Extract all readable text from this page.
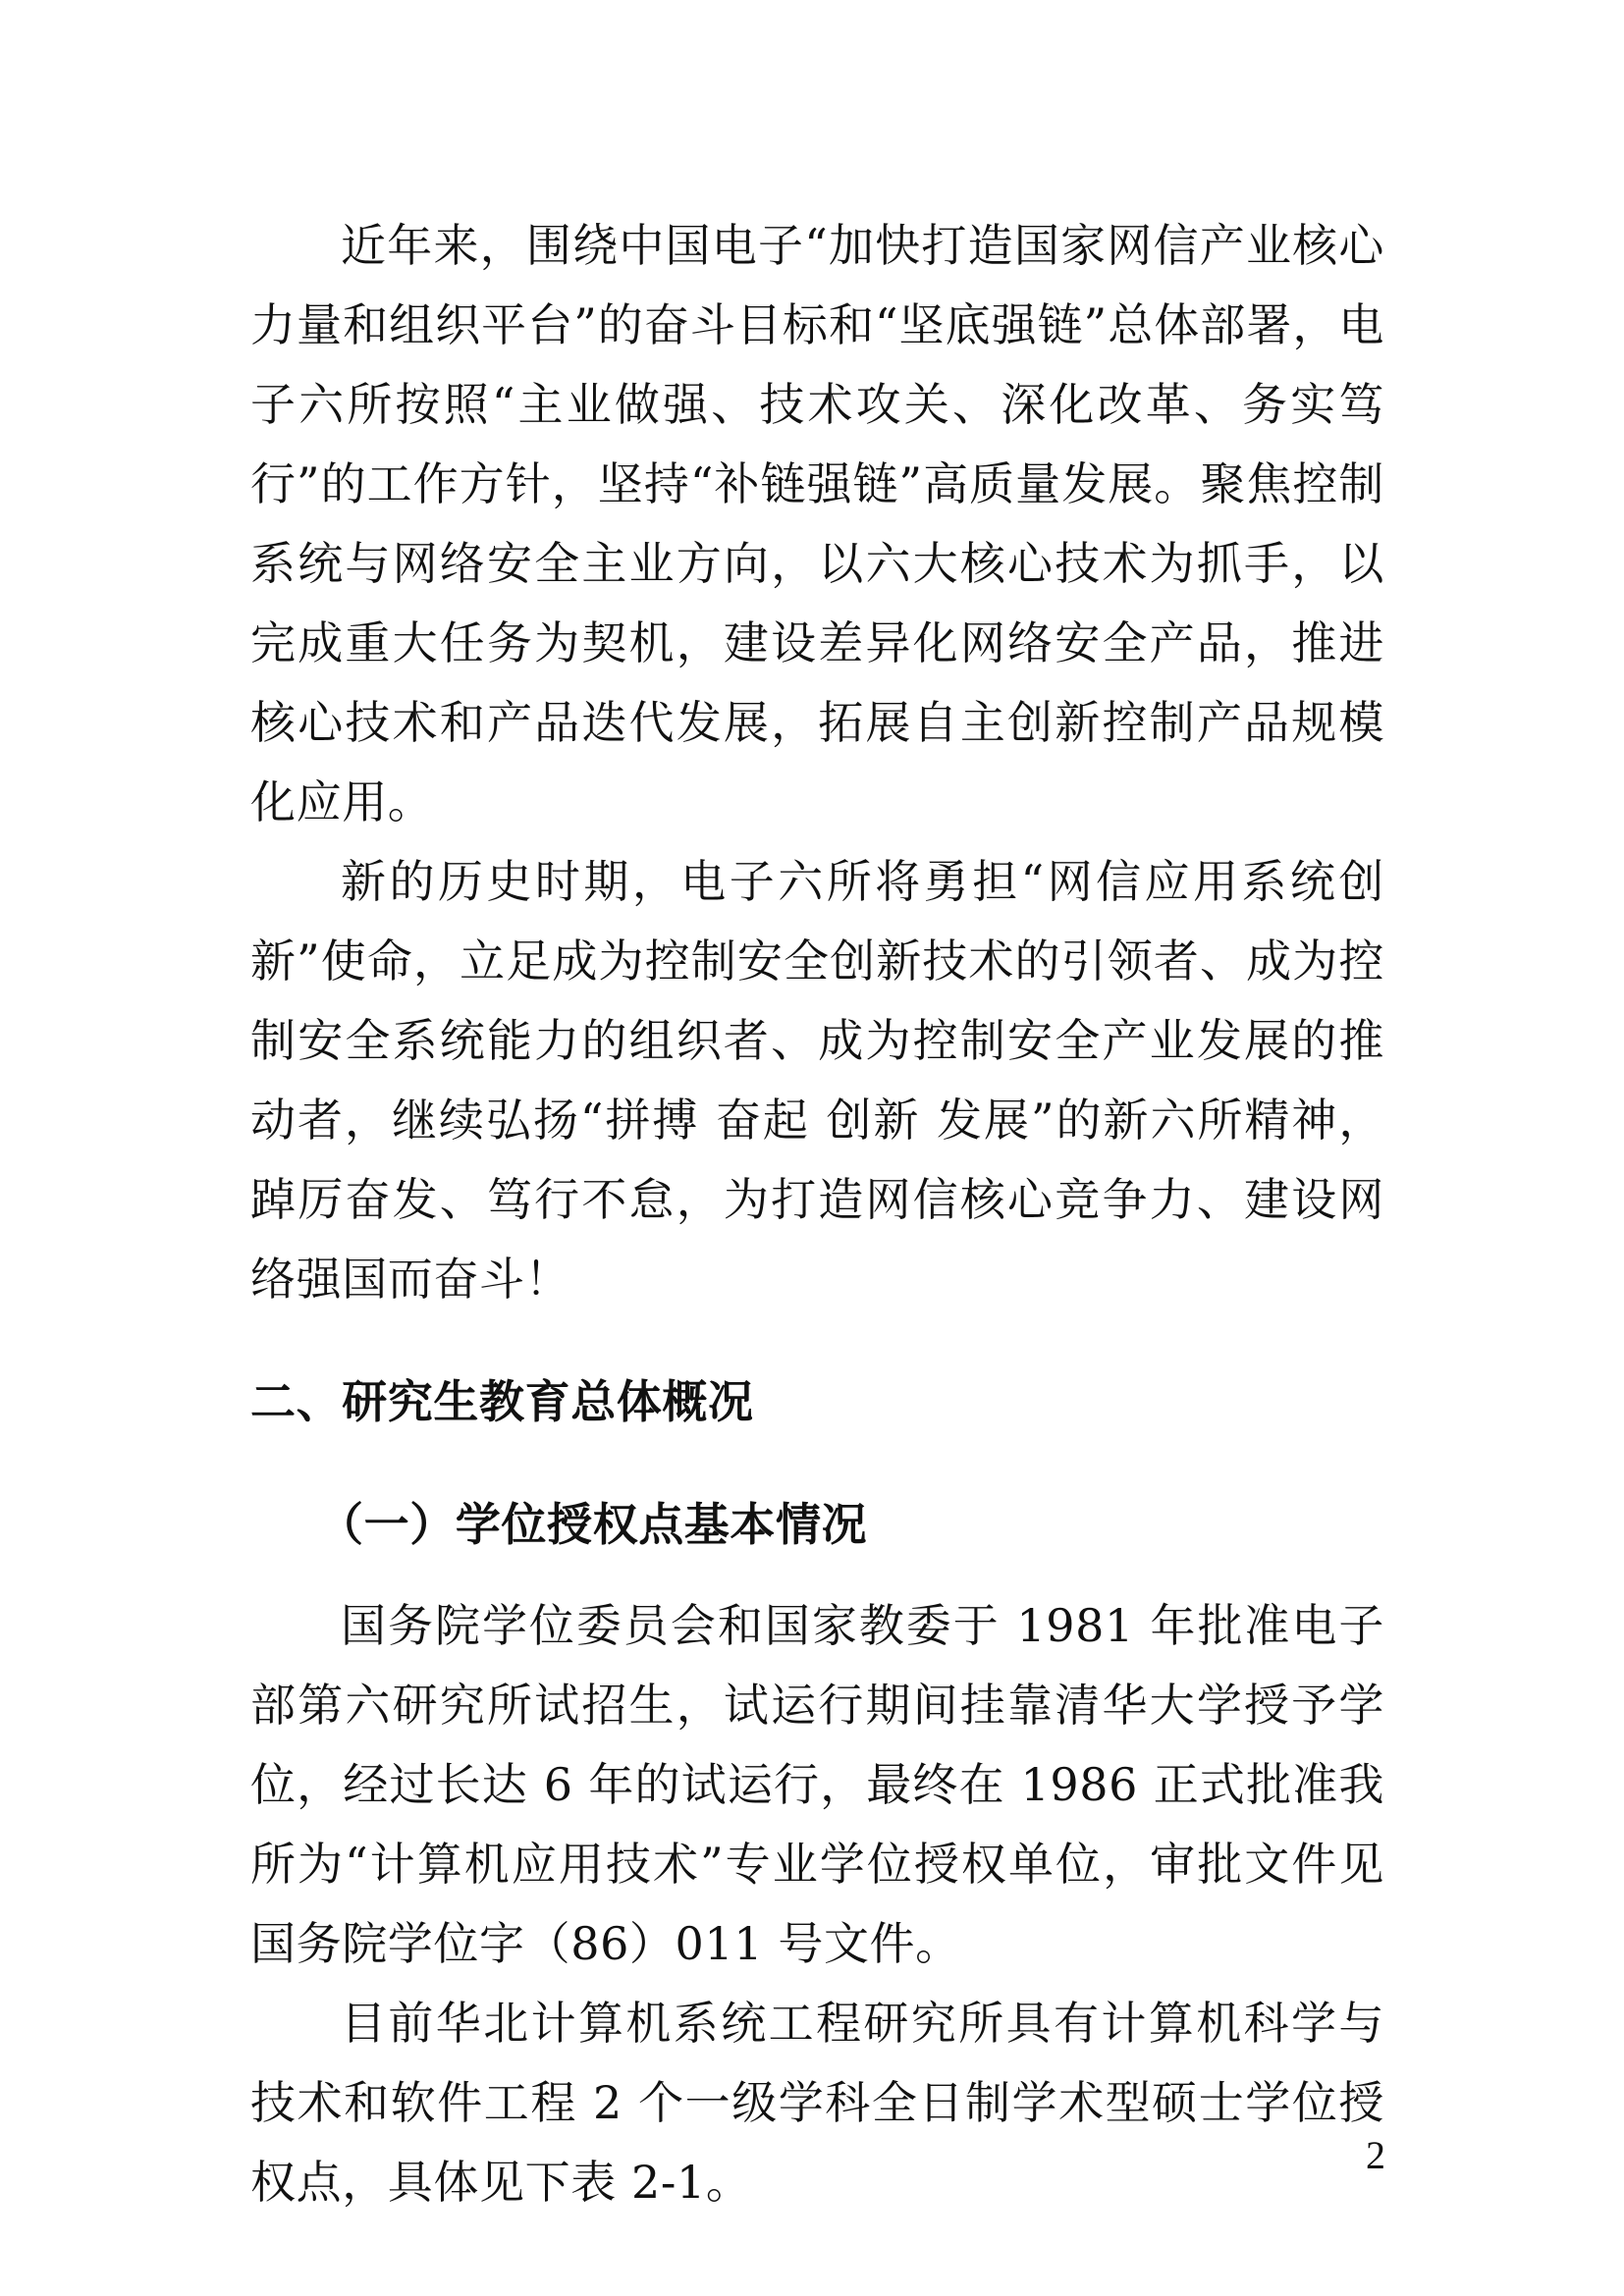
近年来，围绕中国电子“加快打造国家网信产业核心力量和组织平台”的奋斗目标和“坚底强链”总体部署，电子六所按照“主业做强、技术攻关、深化改革、务实笃行”的工作方针，坚持“补链强链”高质量发展。聚焦控制系统与网络安全主业方向，以六大核心技术为抓手，以完成重大任务为契机，建设差异化网络安全产品，推进核心技术和产品迭代发展，拓展自主创新控制产品规模化应用。

新的历史时期，电子六所将勇担“网信应用系统创新”使命，立足成为控制安全创新技术的引领者、成为控制安全系统能力的组织者、成为控制安全产业发展的推动者，继续弘扬“拼搏 奋起 创新 发展”的新六所精神，踔厉奋发、笃行不怠，为打造网信核心竞争力、建设网络强国而奋斗！

二、研究生教育总体概况
（一）学位授权点基本情况

国务院学位委员会和国家教委于 1981 年批准电子部第六研究所试招生，试运行期间挂靠清华大学授予学位，经过长达 6 年的试运行，最终在 1986 正式批准我所为“计算机应用技术”专业学位授权单位，审批文件见国务院学位字（86）011 号文件。

目前华北计算机系统工程研究所具有计算机科学与技术和软件工程 2 个一级学科全日制学术型硕士学位授权点，具体见下表 2-1。

2
